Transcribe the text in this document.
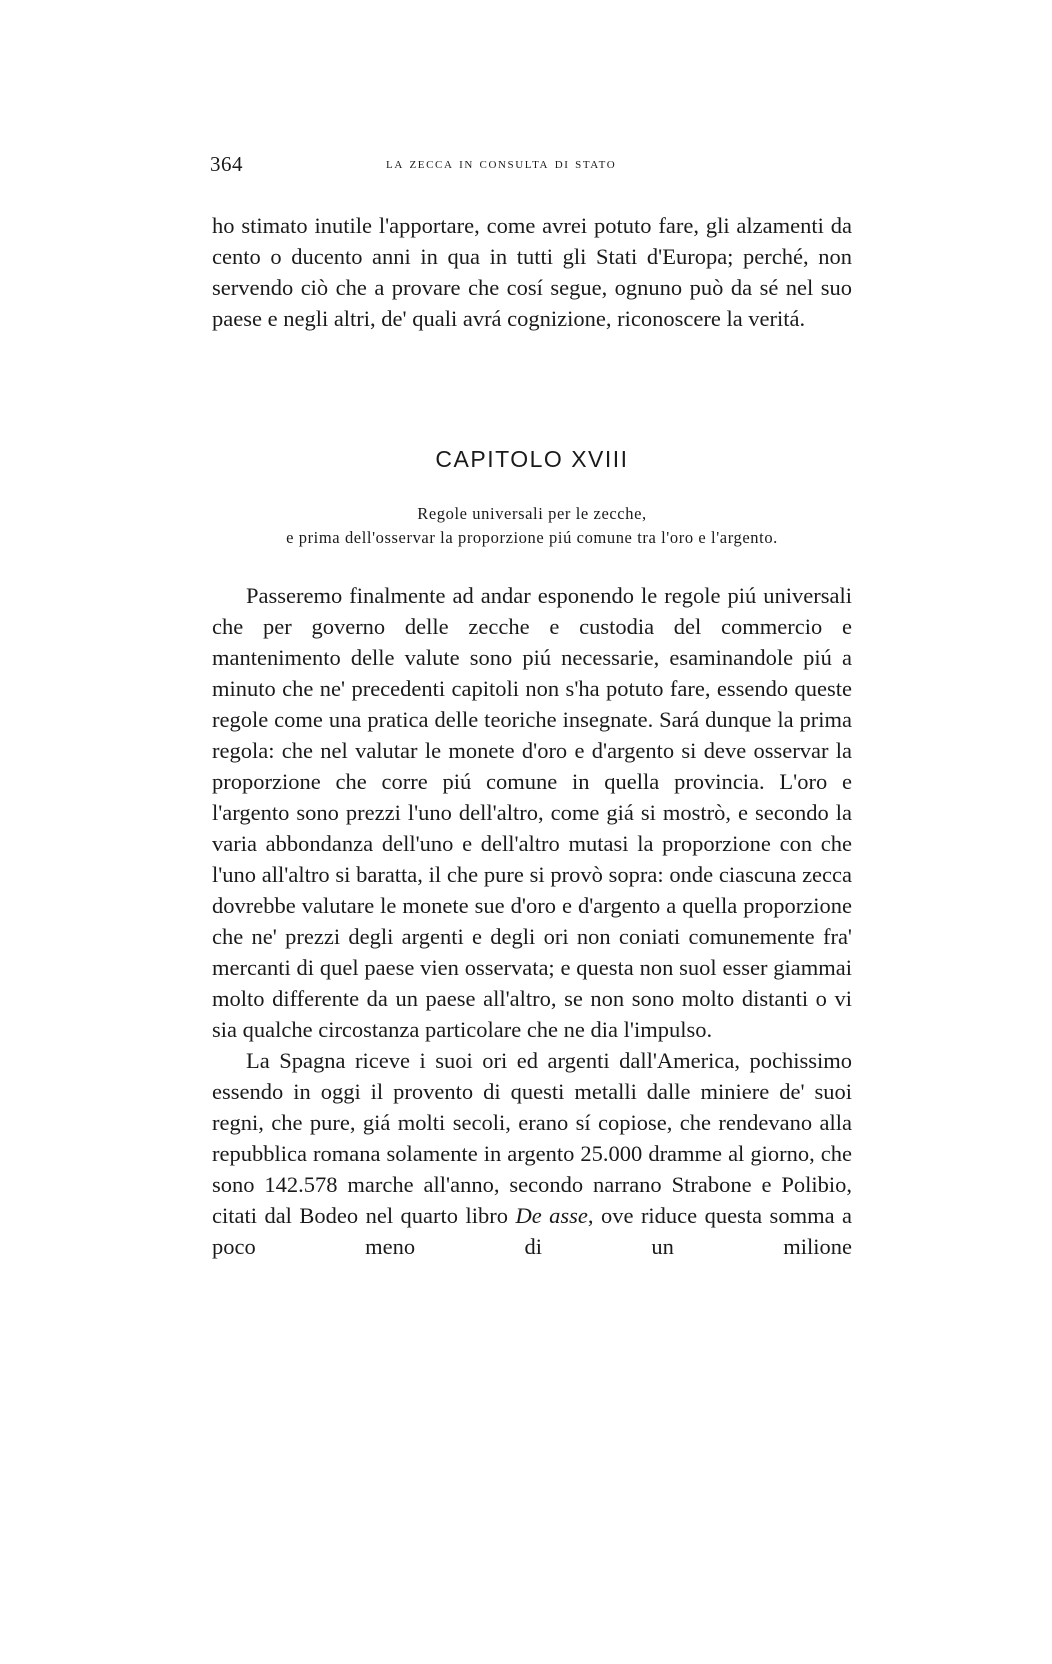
364	la zecca in consulta di stato

ho stimato inutile l'apportare, come avrei potuto fare, gli alzamenti da cento o ducento anni in qua in tutti gli Stati d'Europa; perché, non servendo ciò che a provare che cosí segue, ognuno può da sé nel suo paese e negli altri, de' quali avrá cognizione, riconoscere la veritá.

CAPITOLO XVIII
Regole universali per le zecche,
e prima dell'osservar la proporzione piú comune tra l'oro e l'argento.

Passeremo finalmente ad andar esponendo le regole piú universali che per governo delle zecche e custodia del commercio e mantenimento delle valute sono piú necessarie, esaminandole piú a minuto che ne' precedenti capitoli non s'ha potuto fare, essendo queste regole come una pratica delle teoriche insegnate. Sará dunque la prima regola: che nel valutar le monete d'oro e d'argento si deve osservar la proporzione che corre piú comune in quella provincia. L'oro e l'argento sono prezzi l'uno dell'altro, come giá si mostrò, e secondo la varia abbondanza dell'uno e dell'altro mutasi la proporzione con che l'uno all'altro si baratta, il che pure si provò sopra: onde ciascuna zecca dovrebbe valutare le monete sue d'oro e d'argento a quella proporzione che ne' prezzi degli argenti e degli ori non coniati comunemente fra' mercanti di quel paese vien osservata; e questa non suol esser giammai molto differente da un paese all'altro, se non sono molto distanti o vi sia qualche circostanza particolare che ne dia l'impulso.

La Spagna riceve i suoi ori ed argenti dall'America, pochissimo essendo in oggi il provento di questi metalli dalle miniere de' suoi regni, che pure, giá molti secoli, erano sí copiose, che rendevano alla repubblica romana solamente in argento 25.000 dramme al giorno, che sono 142.578 marche all'anno, secondo narrano Strabone e Polibio, citati dal Bodeo nel quarto libro De asse, ove riduce questa somma a poco meno di un milione
